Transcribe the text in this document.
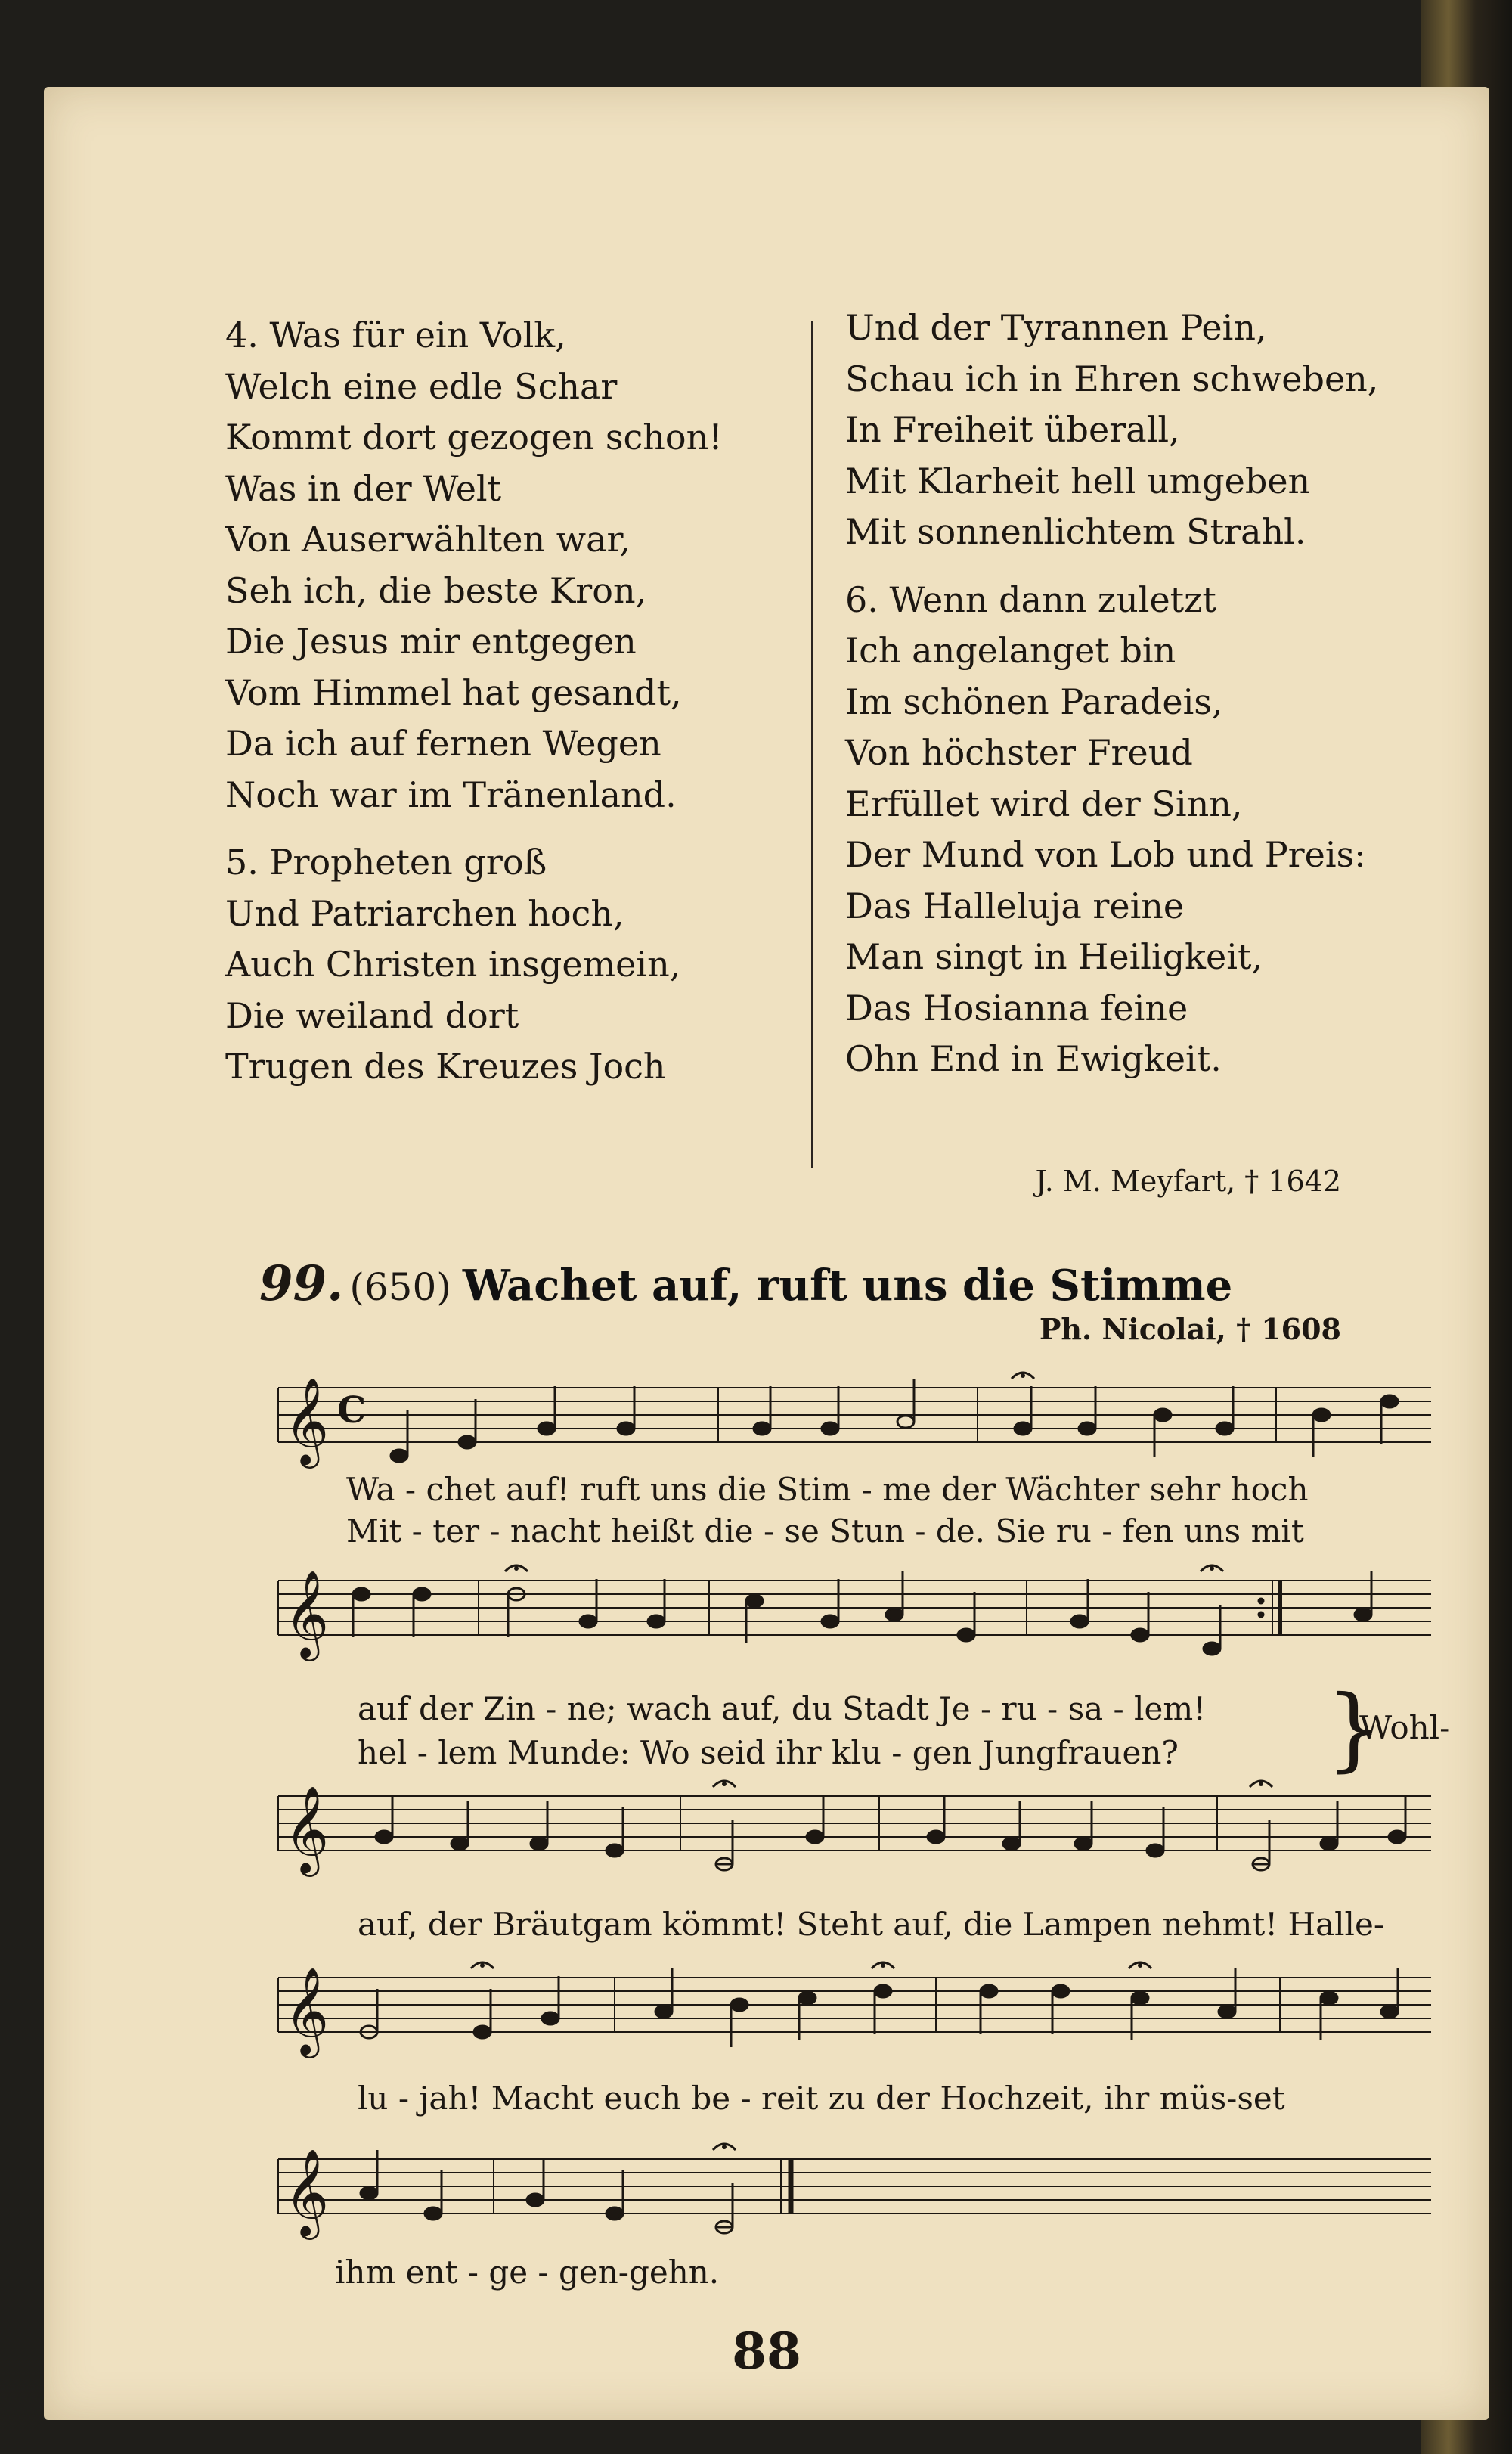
4. Was für ein Volk,
Welch eine edle Schar
Kommt dort gezogen schon!
Was in der Welt
Von Auserwählten war,
Seh ich, die beste Kron,
Die Jesus mir entgegen
Vom Himmel hat gesandt,
Da ich auf fernen Wegen
Noch war im Tränenland.
5. Propheten groß
Und Patriarchen hoch,
Auch Christen insgemein,
Die weiland dort
Trugen des Kreuzes Joch
Und der Tyrannen Pein,
Schau ich in Ehren schweben,
In Freiheit überall,
Mit Klarheit hell umgeben
Mit sonnenlichtem Strahl.
6. Wenn dann zuletzt
Ich angelanget bin
Im schönen Paradeis,
Von höchster Freud
Erfüllet wird der Sinn,
Der Mund von Lob und Preis:
Das Halleluja reine
Man singt in Heiligkeit,
Das Hosianna feine
Ohn End in Ewigkeit.
J. M. Meyfart, † 1642
99. (650) Wachet auf, ruft uns die Stimme
Ph. Nicolai, † 1608
𝄞 C
Wa - chet auf! ruft uns die Stim - me der Wächter sehr hoch
Mit - ter - nacht heißt die - se Stun - de. Sie ru - fen uns mit
𝄞
auf der Zin - ne; wach auf, du Stadt Je - ru - sa - lem!
hel - lem Munde: Wo seid ihr klu - gen Jungfrauen? }
Wohl-
𝄞
auf, der Bräutgam kömmt! Steht auf, die Lampen nehmt! Halle-
𝄞
lu - jah! Macht euch be - reit zu der Hochzeit, ihr müs-set
𝄞
ihm ent - ge - gen-gehn.
88
